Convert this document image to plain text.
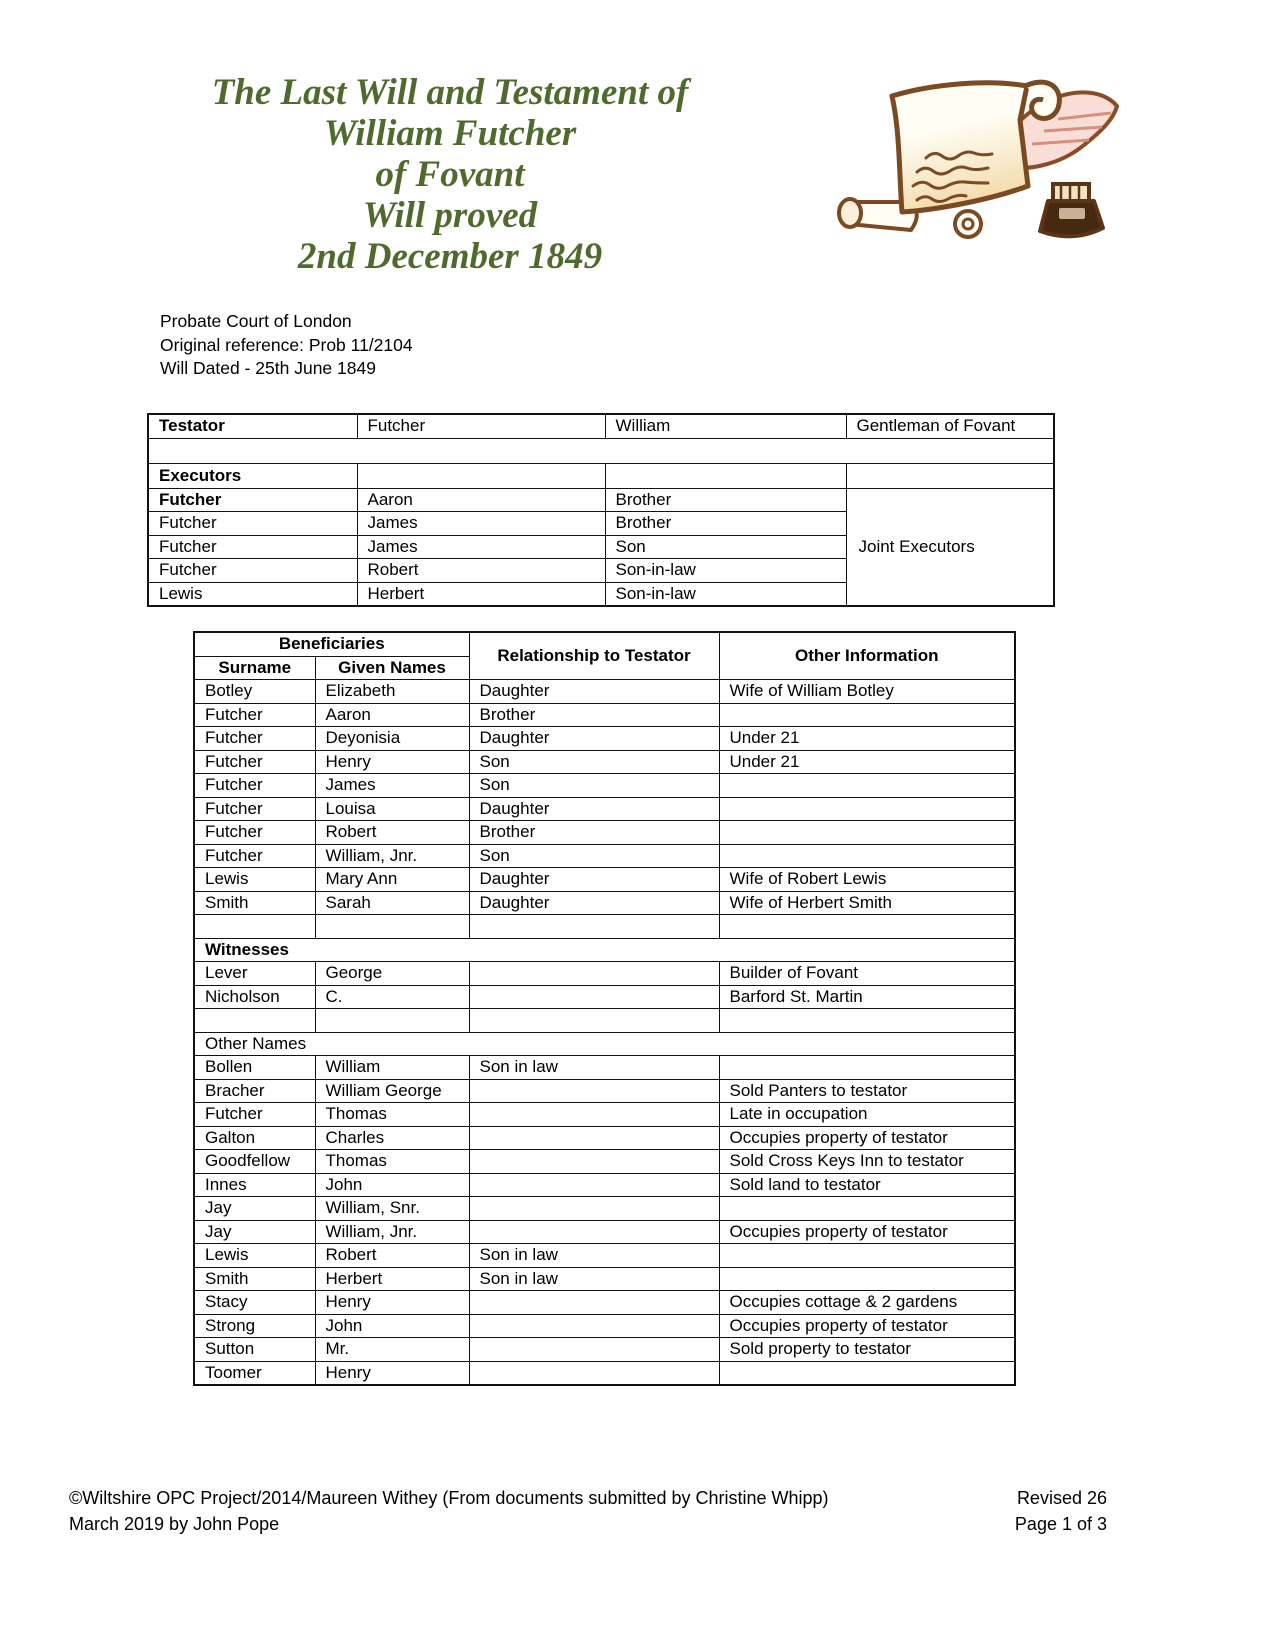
The Last Will and Testament of
William Futcher
of Fovant
Will proved
2nd December 1849
Probate Court of London
Original reference: Prob 11/2104
Will Dated - 25th June 1849
Testator	Futcher	William	Gentleman of Fovant

Executors			
Futcher	Aaron	Brother	Joint Executors
Futcher	James	Brother	
Futcher	James	Son	
Futcher	Robert	Son-in-law	
Lewis	Herbert	Son-in-law	
Beneficiaries		Relationship to Testator	Other Information
Surname	Given Names		
Botley	Elizabeth	Daughter	Wife of William Botley
Futcher	Aaron	Brother	
Futcher	Deyonisia	Daughter	Under 21
Futcher	Henry	Son	Under 21
Futcher	James	Son	
Futcher	Louisa	Daughter	
Futcher	Robert	Brother	
Futcher	William, Jnr.	Son	
Lewis	Mary Ann	Daughter	Wife of Robert Lewis
Smith	Sarah	Daughter	Wife of Herbert Smith

Witnesses			
Lever	George		Builder of Fovant
Nicholson	C.		Barford St. Martin

Other Names			
Bollen	William	Son in law	
Bracher	William George		Sold Panters to testator
Futcher	Thomas		Late in occupation
Galton	Charles		Occupies property of testator
Goodfellow	Thomas		Sold Cross Keys Inn to testator
Innes	John		Sold land to testator
Jay	William, Snr.		
Jay	William, Jnr.		Occupies property of testator
Lewis	Robert	Son in law	
Smith	Herbert	Son in law	
Stacy	Henry		Occupies cottage & 2 gardens
Strong	John		Occupies property of testator
Sutton	Mr.		Sold property to testator
Toomer	Henry		
©Wiltshire OPC Project/2014/Maureen Withey (From documents submitted by Christine Whipp)	Revised 26
March 2019 by John Pope	Page 1 of 3
